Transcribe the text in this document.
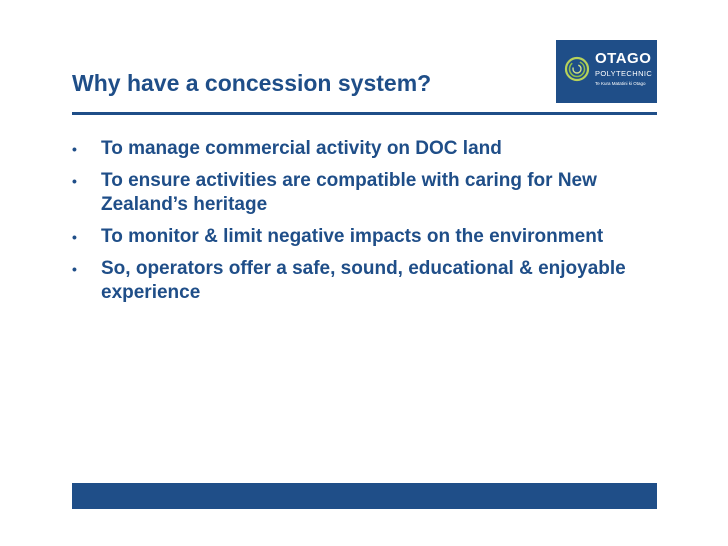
Why have a concession system?
OTAGO
POLYTECHNIC
Te Kura Matatini ki Otago
• To manage commercial activity on DOC land
• To ensure activities are compatible with caring for New Zealand’s heritage
• To monitor & limit negative impacts on the environment
• So, operators offer a safe, sound, educational & enjoyable experience
